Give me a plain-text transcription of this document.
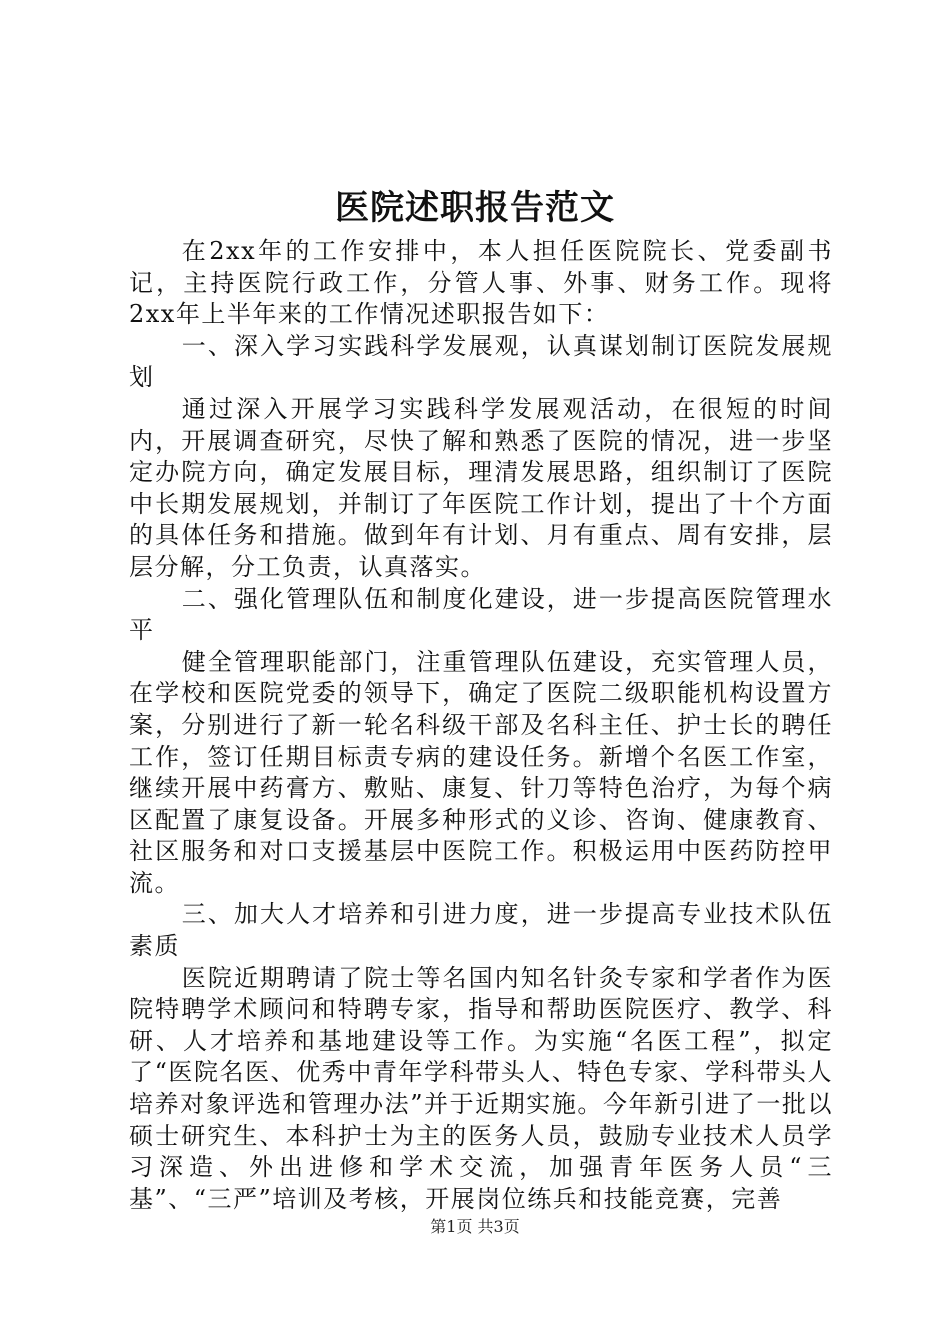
医院述职报告范文

在2xx年的工作安排中，本人担任医院院长、党委副书记，主持医院行政工作，分管人事、外事、财务工作。现将2xx年上半年来的工作情况述职报告如下：

一、深入学习实践科学发展观，认真谋划制订医院发展规划

通过深入开展学习实践科学发展观活动，在很短的时间内，开展调查研究，尽快了解和熟悉了医院的情况，进一步坚定办院方向，确定发展目标，理清发展思路，组织制订了医院中长期发展规划，并制订了年医院工作计划，提出了十个方面的具体任务和措施。做到年有计划、月有重点、周有安排，层层分解，分工负责，认真落实。

二、强化管理队伍和制度化建设，进一步提高医院管理水平

健全管理职能部门，注重管理队伍建设，充实管理人员，在学校和医院党委的领导下，确定了医院二级职能机构设置方案，分别进行了新一轮名科级干部及名科主任、护士长的聘任工作，签订任期目标责专病的建设任务。新增个名医工作室，继续开展中药膏方、敷贴、康复、针刀等特色治疗，为每个病区配置了康复设备。开展多种形式的义诊、咨询、健康教育、社区服务和对口支援基层中医院工作。积极运用中医药防控甲流。

三、加大人才培养和引进力度，进一步提高专业技术队伍素质

医院近期聘请了院士等名国内知名针灸专家和学者作为医院特聘学术顾问和特聘专家，指导和帮助医院医疗、教学、科研、人才培养和基地建设等工作。为实施“名医工程”，拟定了“医院名医、优秀中青年学科带头人、特色专家、学科带头人培养对象评选和管理办法”并于近期实施。今年新引进了一批以硕士研究生、本科护士为主的医务人员，鼓励专业技术人员学习深造、外出进修和学术交流，加强青年医务人员“三基”、“三严”培训及考核，开展岗位练兵和技能竞赛，完善

第1页 共3页
